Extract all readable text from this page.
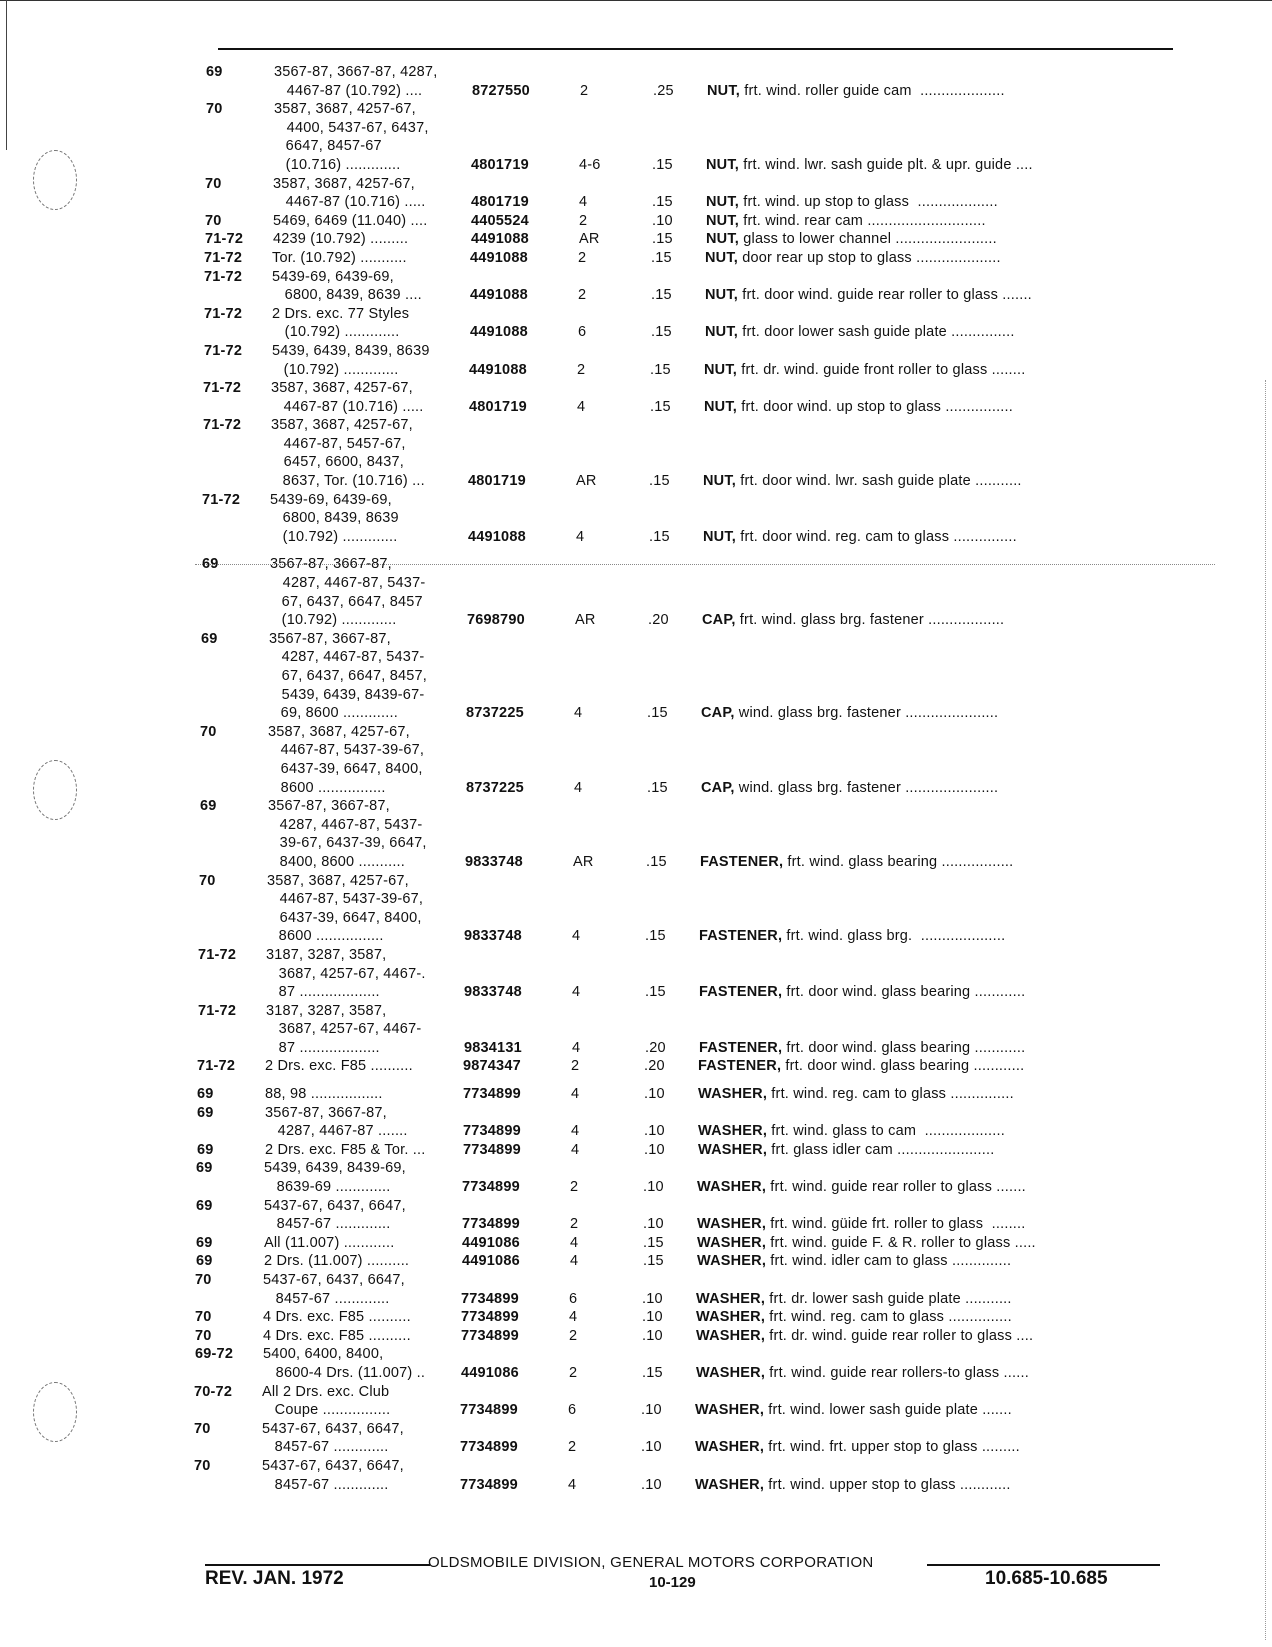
69	3567-87, 3667-87, 4287,
4467-87 (10.792) ....	8727550	2	.25 NUT, frt. wind. roller guide cam  ....................
70	3587, 3687, 4257-67,
4400, 5437-67, 6437,
6647, 8457-67
(10.716) .............	4801719	4-6	.15 NUT, frt. wind. lwr. sash guide plt. & upr. guide ....
70	3587, 3687, 4257-67,
4467-87 (10.716) .....	4801719	4	.15 NUT, frt. wind. up stop to glass  ...................
70	5469, 6469 (11.040) ....	4405524	2	.10 NUT, frt. wind. rear cam ............................
71-72 4239 (10.792) .........	4491088	AR	.15 NUT, glass to lower channel ........................
71-72 Tor. (10.792) ...........	4491088	2	.15 NUT, door rear up stop to glass ....................
71-72 5439-69, 6439-69,
6800, 8439, 8639 ....	4491088	2	.15 NUT, frt. door wind. guide rear roller to glass .......
71-72 2 Drs. exc. 77 Styles
(10.792) .............	4491088	6	.15 NUT, frt. door lower sash guide plate ...............
71-72 5439, 6439, 8439, 8639
(10.792) .............	4491088	2	.15 NUT, frt. dr. wind. guide front roller to glass ........
71-72 3587, 3687, 4257-67,
4467-87 (10.716) .....	4801719	4	.15 NUT, frt. door wind. up stop to glass ................
71-72 3587, 3687, 4257-67,
4467-87, 5457-67,
6457, 6600, 8437,
8637, Tor. (10.716) ...	4801719	AR	.15 NUT, frt. door wind. lwr. sash guide plate ...........
71-72 5439-69, 6439-69,
6800, 8439, 8639
(10.792) .............	4491088	4	.15 NUT, frt. door wind. reg. cam to glass ...............
69	3567-87, 3667-87,
4287, 4467-87, 5437-
67, 6437, 6647, 8457
(10.792) .............	7698790	AR	.20 CAP, frt. wind. glass brg. fastener ..................
69	3567-87, 3667-87,
4287, 4467-87, 5437-
67, 6437, 6647, 8457,
5439, 6439, 8439-67-
69, 8600 .............	8737225	4	.15 CAP, wind. glass brg. fastener ......................
70	3587, 3687, 4257-67,
4467-87, 5437-39-67,
6437-39, 6647, 8400,
8600 ................	8737225	4	.15 CAP, wind. glass brg. fastener ......................
69	3567-87, 3667-87,
4287, 4467-87, 5437-
39-67, 6437-39, 6647,
8400, 8600 ...........	9833748	AR	.15 FASTENER, frt. wind. glass bearing .................
70	3587, 3687, 4257-67,
4467-87, 5437-39-67,
6437-39, 6647, 8400,
8600 ................	9833748	4	.15 FASTENER, frt. wind. glass brg.  ....................
71-72 3187, 3287, 3587,
3687, 4257-67, 4467-.
87 ...................	9833748	4	.15 FASTENER, frt. door wind. glass bearing ............
71-72 3187, 3287, 3587,
3687, 4257-67, 4467-
87 ...................	9834131	4	.20 FASTENER, frt. door wind. glass bearing ............
71-72 2 Drs. exc. F85 ..........	9874347	2	.20 FASTENER, frt. door wind. glass bearing ............
69	88, 98 .................	7734899	4	.10 WASHER, frt. wind. reg. cam to glass ...............
69	3567-87, 3667-87,
4287, 4467-87 .......	7734899	4	.10 WASHER, frt. wind. glass to cam  ...................
69	2 Drs. exc. F85 & Tor. ...	7734899	4	.10 WASHER, frt. glass idler cam .......................
69	5439, 6439, 8439-69,
8639-69 .............	7734899	2	.10 WASHER, frt. wind. guide rear roller to glass .......
69	5437-67, 6437, 6647,
8457-67 .............	7734899	2	.10 WASHER, frt. wind. güide frt. roller to glass  ........
69	All (11.007) ............	4491086	4	.15 WASHER, frt. wind. guide F. & R. roller to glass .....
69	2 Drs. (11.007) ..........	4491086	4	.15 WASHER, frt. wind. idler cam to glass ..............
70	5437-67, 6437, 6647,
8457-67 .............	7734899	6	.10 WASHER, frt. dr. lower sash guide plate ...........
70	4 Drs. exc. F85 ..........	7734899	4	.10 WASHER, frt. wind. reg. cam to glass ...............
70	4 Drs. exc. F85 ..........	7734899	2	.10 WASHER, frt. dr. wind. guide rear roller to glass ....
69-72 5400, 6400, 8400,
8600-4 Drs. (11.007) .. 4491086	2	.15 WASHER, frt. wind. guide rear rollers-to glass ......
70-72 All 2 Drs. exc. Club
Coupe ................	7734899	6	.10 WASHER, frt. wind. lower sash guide plate .......
70	5437-67, 6437, 6647,
8457-67 .............	7734899	2	.10 WASHER, frt. wind. frt. upper stop to glass .........
70	5437-67, 6437, 6647,
8457-67 .............	7734899	4	.10 WASHER, frt. wind. upper stop to glass ............
OLDSMOBILE DIVISION, GENERAL MOTORS CORPORATION
REV. JAN. 1972	10-129	10.685-10.685
